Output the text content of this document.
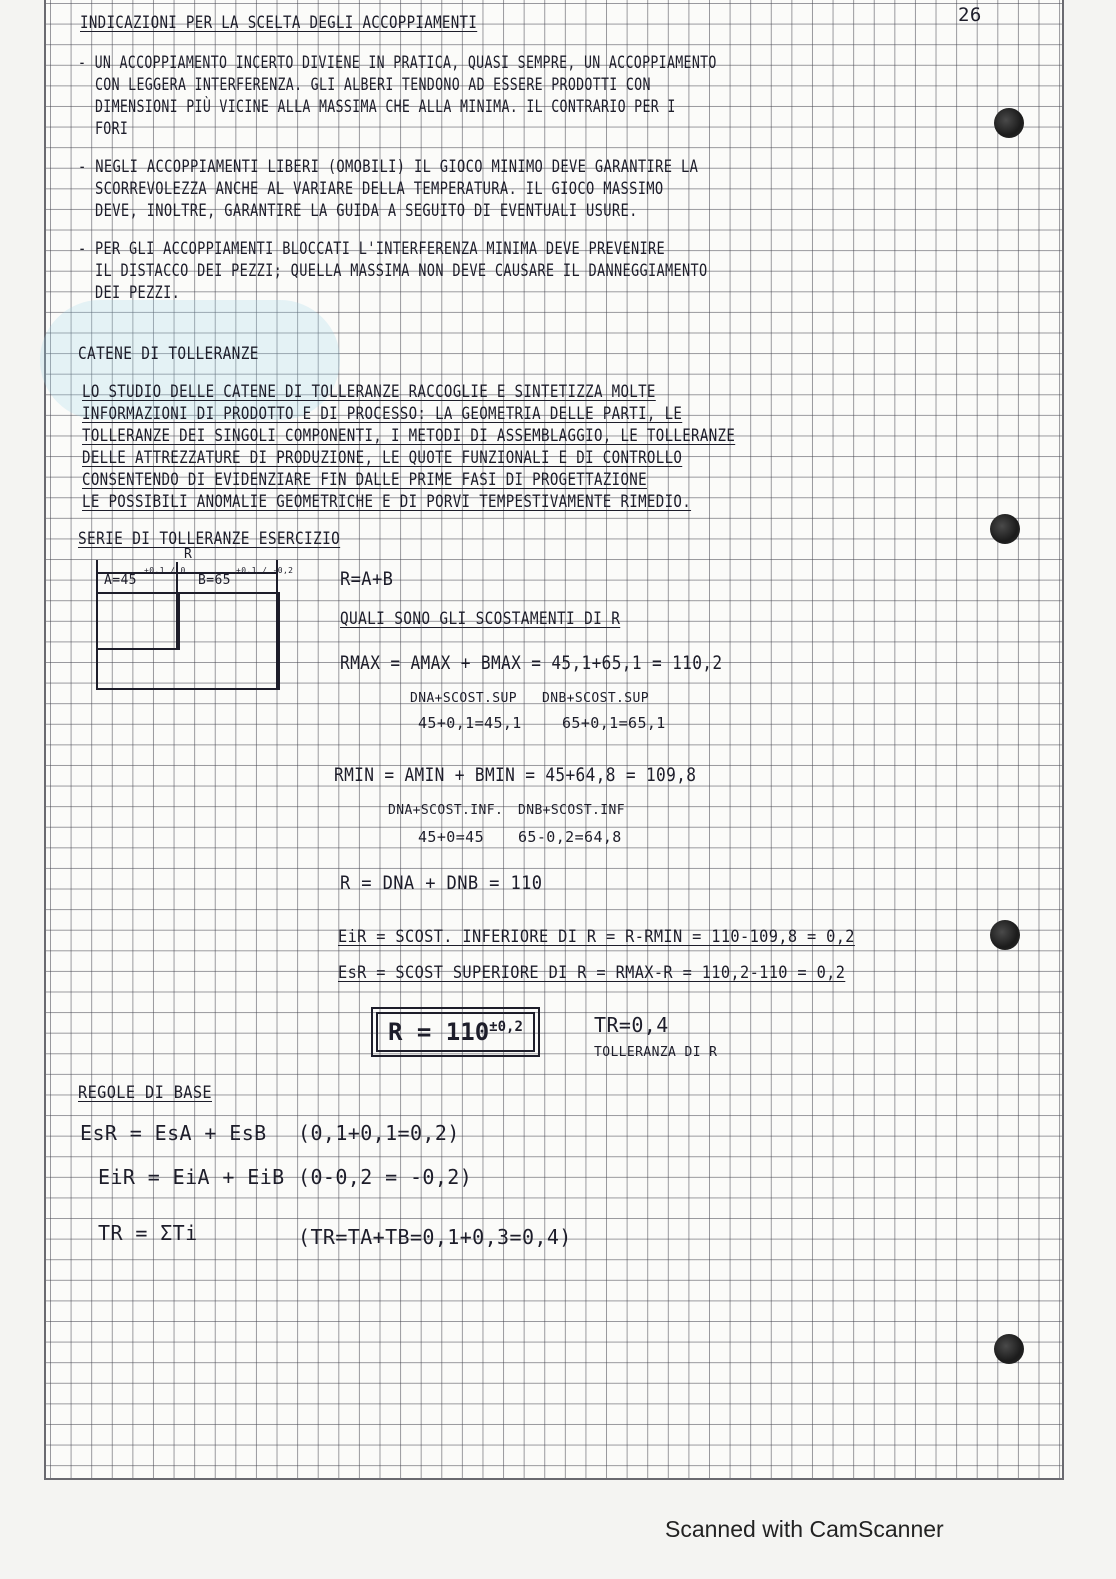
26
INDICAZIONI PER LA SCELTA DEGLI ACCOPPIAMENTI
- UN ACCOPPIAMENTO INCERTO DIVIENE IN PRATICA, QUASI SEMPRE, UN ACCOPPIAMENTO
CON LEGGERA INTERFERENZA. GLI ALBERI TENDONO AD ESSERE PRODOTTI CON
DIMENSIONI PIÙ VICINE ALLA MASSIMA CHE ALLA MINIMA. IL CONTRARIO PER I
FORI
- NEGLI ACCOPPIAMENTI LIBERI (OMOBILI) IL GIOCO MINIMO DEVE GARANTIRE LA
SCORREVOLEZZA ANCHE AL VARIARE DELLA TEMPERATURA. IL GIOCO MASSIMO
DEVE, INOLTRE, GARANTIRE LA GUIDA A SEGUITO DI EVENTUALI USURE.
- PER GLI ACCOPPIAMENTI BLOCCATI L'INTERFERENZA MINIMA DEVE PREVENIRE
IL DISTACCO DEI PEZZI; QUELLA MASSIMA NON DEVE CAUSARE IL DANNEGGIAMENTO
DEI PEZZI.
CATENE DI TOLLERANZE
LO STUDIO DELLE CATENE DI TOLLERANZE RACCOGLIE E SINTETIZZA MOLTE
INFORMAZIONI DI PRODOTTO E DI PROCESSO: LA GEOMETRIA DELLE PARTI, LE
TOLLERANZE DEI SINGOLI COMPONENTI, I METODI DI ASSEMBLAGGIO, LE TOLLERANZE
DELLE ATTREZZATURE DI PRODUZIONE, LE QUOTE FUNZIONALI E DI CONTROLLO
CONSENTENDO DI EVIDENZIARE FIN DALLE PRIME FASI DI PROGETTAZIONE
LE POSSIBILI ANOMALIE GEOMETRICHE E DI PORVI TEMPESTIVAMENTE RIMEDIO.
SERIE DI TOLLERANZE ESERCIZIO
R
A=45
+0,1 / 0
B=65
+0,1 / -0,2 R=A+B
QUALI SONO GLI SCOSTAMENTI DI R
RMAX = AMAX + BMAX = 45,1+65,1 = 110,2
DNA+SCOST.SUP DNB+SCOST.SUP
45+0,1=45,1	65+0,1=65,1
RMIN = AMIN + BMIN = 45+64,8 = 109,8
DNA+SCOST.INF. DNB+SCOST.INF
45+0=45 65-0,2=64,8
R = DNA + DNB = 110
EiR = SCOST. INFERIORE DI R = R-RMIN = 110-109,8 = 0,2
EsR = SCOST SUPERIORE DI R = RMAX-R = 110,2-110 = 0,2
$R = 110^{\pm 0,2}$	TR=0,4
TOLLERANZA DI R
REGOLE DI BASE
EsR = EsA + EsB (0,1+0,1=0,2)
EiR = EiA + EiB (0-0,2 = -0,2)
TR = ΣTi	(TR=TA+TB=0,1+0,3=0,4)
Scanned with CamScanner
